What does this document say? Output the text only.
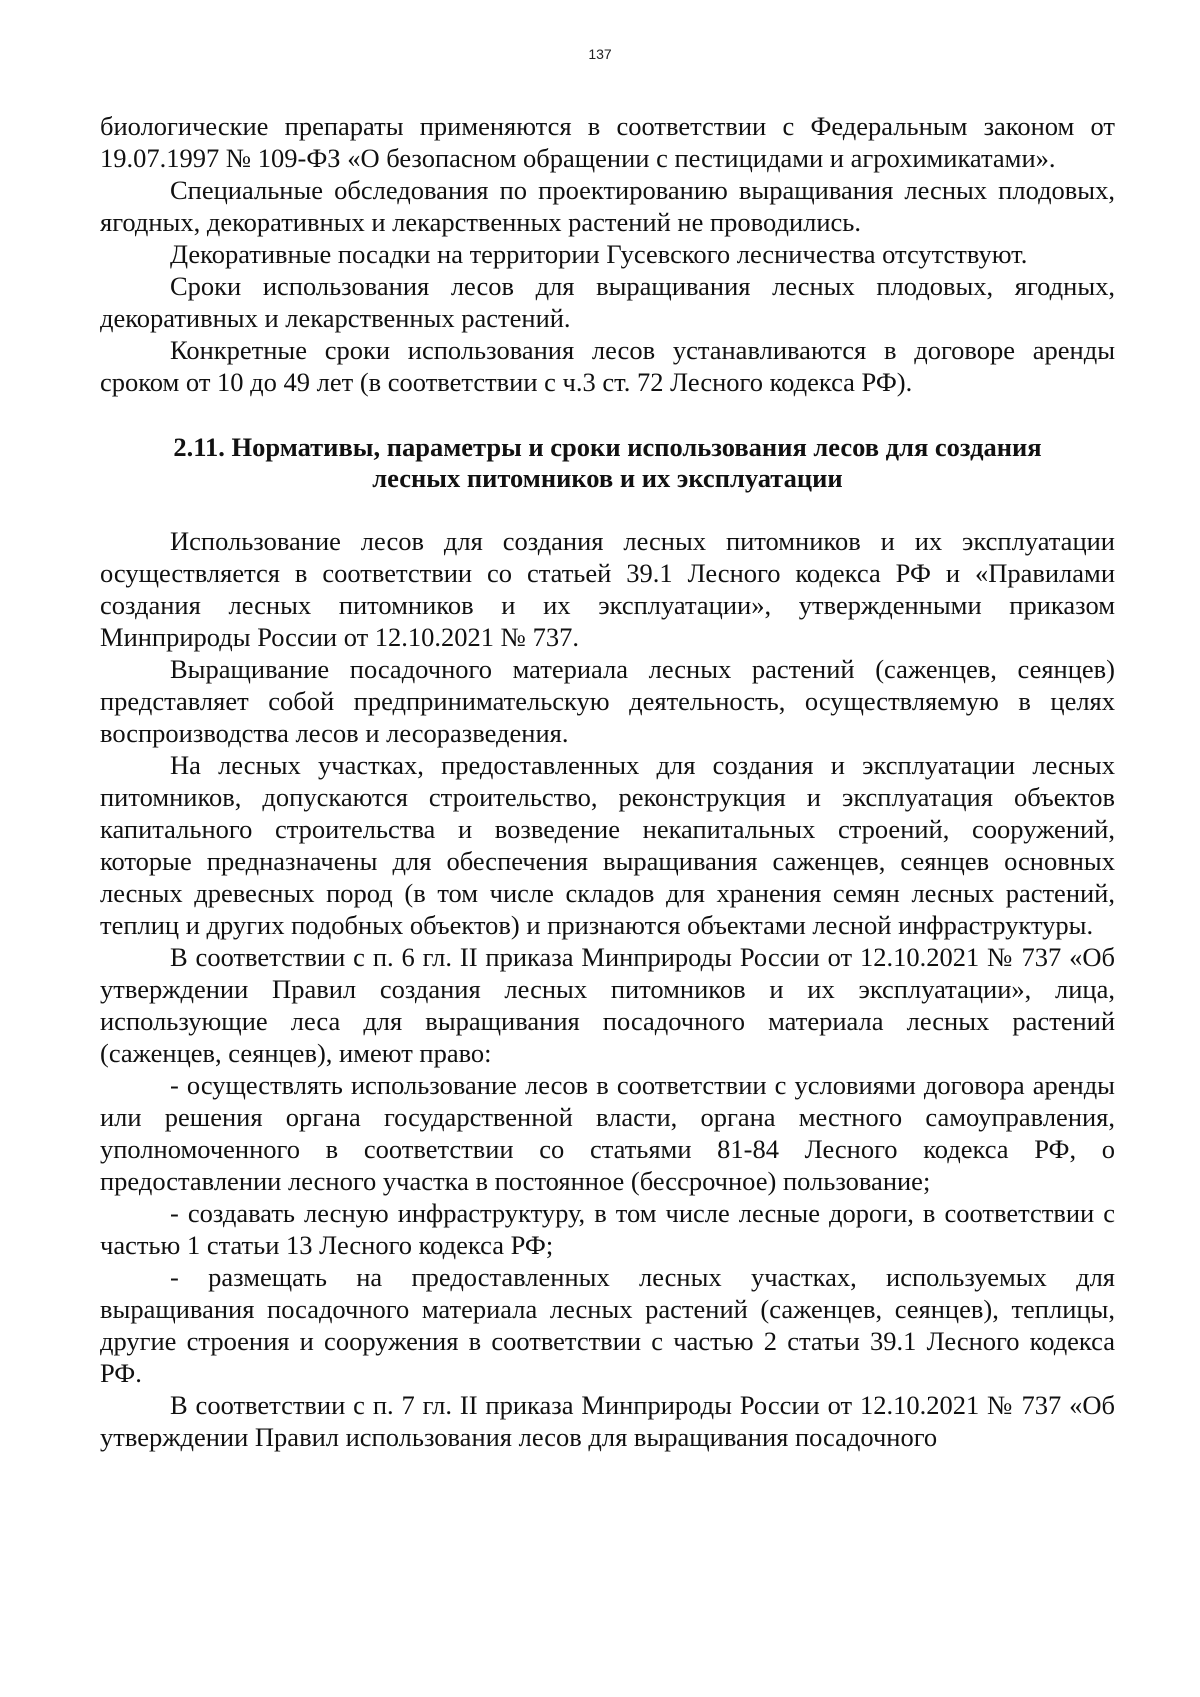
137

биологические препараты применяются в соответствии с Федеральным законом от 19.07.1997 № 109-ФЗ «О безопасном обращении с пестицидами и агрохимикатами».

Специальные обследования по проектированию выращивания лесных плодовых, ягодных, декоративных и лекарственных растений не проводились.

Декоративные посадки на территории Гусевского лесничества отсутствуют.

Сроки использования лесов для выращивания лесных плодовых, ягодных, декоративных и лекарственных растений.

Конкретные сроки использования лесов устанавливаются в договоре аренды сроком от 10 до 49 лет (в соответствии с ч.3 ст. 72 Лесного кодекса РФ).

2.11. Нормативы, параметры и сроки использования лесов для создания
лесных питомников и их эксплуатации

Использование лесов для создания лесных питомников и их эксплуатации осуществляется в соответствии со статьей 39.1 Лесного кодекса РФ и «Правилами создания лесных питомников и их эксплуатации», утвержденными приказом Минприроды России от 12.10.2021 № 737.

Выращивание посадочного материала лесных растений (саженцев, сеянцев) представляет собой предпринимательскую деятельность, осуществляемую в целях воспроизводства лесов и лесоразведения.

На лесных участках, предоставленных для создания и эксплуатации лесных питомников, допускаются строительство, реконструкция и эксплуатация объектов капитального строительства и возведение некапитальных строений, сооружений, которые предназначены для обеспечения выращивания саженцев, сеянцев основных лесных древесных пород (в том числе складов для хранения семян лесных растений, теплиц и других подобных объектов) и признаются объектами лесной инфраструктуры.

В соответствии с п. 6 гл. II приказа Минприроды России от 12.10.2021 № 737 «Об утверждении Правил создания лесных питомников и их эксплуатации», лица, использующие леса для выращивания посадочного материала лесных растений (саженцев, сеянцев), имеют право:

- осуществлять использование лесов в соответствии с условиями договора аренды или решения органа государственной власти, органа местного самоуправления, уполномоченного в соответствии со статьями 81-84 Лесного кодекса РФ, о предоставлении лесного участка в постоянное (бессрочное) пользование;

- создавать лесную инфраструктуру, в том числе лесные дороги, в соответствии с частью 1 статьи 13 Лесного кодекса РФ;

- размещать на предоставленных лесных участках, используемых для выращивания посадочного материала лесных растений (саженцев, сеянцев), теплицы, другие строения и сооружения в соответствии с частью 2 статьи 39.1 Лесного кодекса РФ.

В соответствии с п. 7 гл. II приказа Минприроды России от 12.10.2021 № 737 «Об утверждении Правил использования лесов для выращивания посадочного
